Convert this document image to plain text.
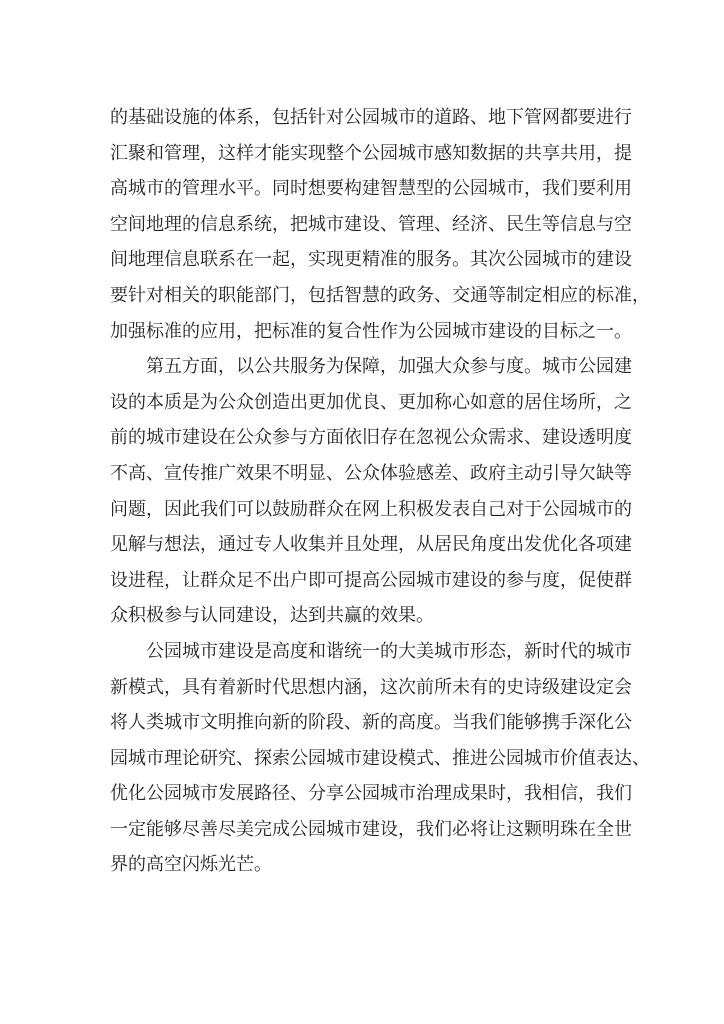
的基础设施的体系，包括针对公园城市的道路、地下管网都要进行
汇聚和管理，这样才能实现整个公园城市感知数据的共享共用，提
高城市的管理水平。同时想要构建智慧型的公园城市，我们要利用
空间地理的信息系统，把城市建设、管理、经济、民生等信息与空
间地理信息联系在一起，实现更精准的服务。其次公园城市的建设
要针对相关的职能部门，包括智慧的政务、交通等制定相应的标准，
加强标准的应用，把标准的复合性作为公园城市建设的目标之一。
第五方面，以公共服务为保障，加强大众参与度。城市公园建
设的本质是为公众创造出更加优良、更加称心如意的居住场所，之
前的城市建设在公众参与方面依旧存在忽视公众需求、建设透明度
不高、宣传推广效果不明显、公众体验感差、政府主动引导欠缺等
问题，因此我们可以鼓励群众在网上积极发表自己对于公园城市的
见解与想法，通过专人收集并且处理，从居民角度出发优化各项建
设进程，让群众足不出户即可提高公园城市建设的参与度，促使群
众积极参与认同建设，达到共赢的效果。
公园城市建设是高度和谐统一的大美城市形态，新时代的城市
新模式，具有着新时代思想内涵，这次前所未有的史诗级建设定会
将人类城市文明推向新的阶段、新的高度。当我们能够携手深化公
园城市理论研究、探索公园城市建设模式、推进公园城市价值表达、
优化公园城市发展路径、分享公园城市治理成果时，我相信，我们
一定能够尽善尽美完成公园城市建设，我们必将让这颗明珠在全世
界的高空闪烁光芒。
